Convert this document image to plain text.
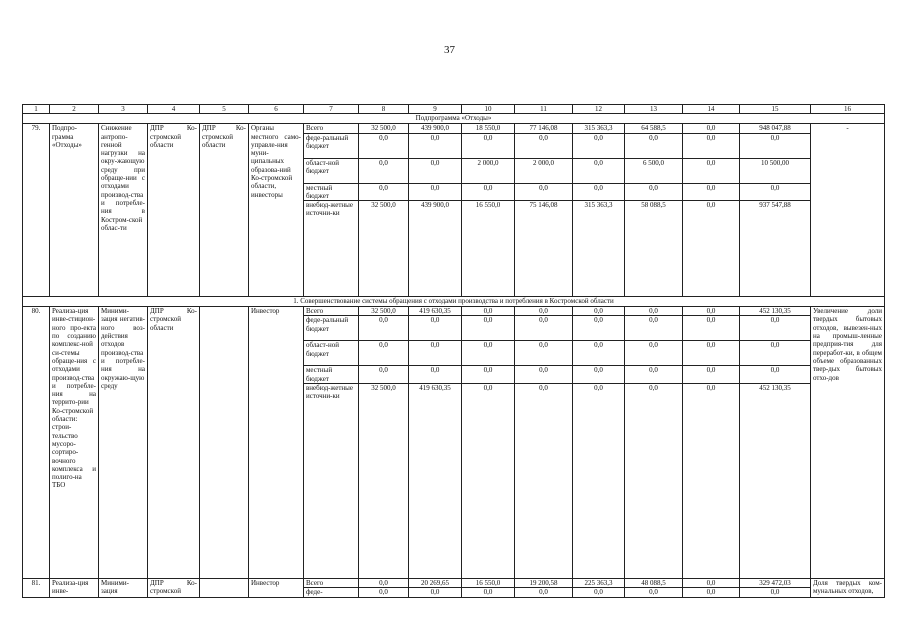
37
1	2	3	4	5	6	7	8	9	10	11	12	13	14	15	16
Подпрограмма «Отходы»															
79.	Подпро-грамма «Отходы»	Снижение антропо-генной нагрузки на окру-жающую среду при обраще-нии с отходами производ-ства и потребле-ния в Костром-ской облас-ти	ДПР Ко-стромской области	ДПР Ко-стромской области	Органы местного само-управле-ния муни-ципальных образова-ний Ко-стромской области, инвесторы	Всего	32 500,0	439 900,0	18 550,0	77 146,08	315 363,3	64 588,5	0,0	948 047,88	-
						феде-ральный бюджет	0,0	0,0	0,0	0,0	0,0	0,0	0,0	0,0	
						област-ной бюджет	0,0	0,0	2 000,0	2 000,0	0,0	6 500,0	0,0	10 500,00	
						местный бюджет	0,0	0,0	0,0	0,0	0,0	0,0	0,0	0,0	
						внебюд-жетные источни-ки	32 500,0	439 900,0	16 550,0	75 146,08	315 363,3	58 088,5	0,0	937 547,88	
1. Совершенствование системы обращения с отходами производства и потребления в Костромской области															
80.	Реализа-ция инве-стицион-ного про-екта по созданию комплекс-ной си-стемы обраще-ния с отходами производ-ства и потребле-ния на террито-рии Ко-стромской области: строи-тельство мусоро-сортиро-вочного комплекса и полиго-на ТБО	Миними-зация негатив-ного воз-действия отходов производ-ства и потребле-ния на окружаю-щую среду	ДПР Ко-стромской области		Инвестор	Всего	32 500,0	419 630,35	0,0	0,0	0,0	0,0	0,0	452 130,35	Увеличение доли твердых бытовых отходов, вывезен-ных на промыш-ленные предприя-тия для переработ-ки, в общем объеме образованных твер-дых бытовых отхо-дов
						феде-ральный бюджет	0,0	0,0	0,0	0,0	0,0	0,0	0,0	0,0	
						област-ной бюджет	0,0	0,0	0,0	0,0	0,0	0,0	0,0	0,0	
						местный бюджет	0,0	0,0	0,0	0,0	0,0	0,0	0,0	0,0	
						внебюд-жетные источни-ки	32 500,0	419 630,35	0,0	0,0	0,0	0,0	0,0	452 130,35	
81.	Реализа-ция инве-	Миними-зация	ДПР Ко-стромской		Инвестор	Всего	0,0	20 269,65	16 550,0	19 200,58	225 363,3	48 088,5	0,0	329 472,03	Доля твердых ком-мунальных отходов,
						феде-	0,0	0,0	0,0	0,0	0,0	0,0	0,0	0,0	
